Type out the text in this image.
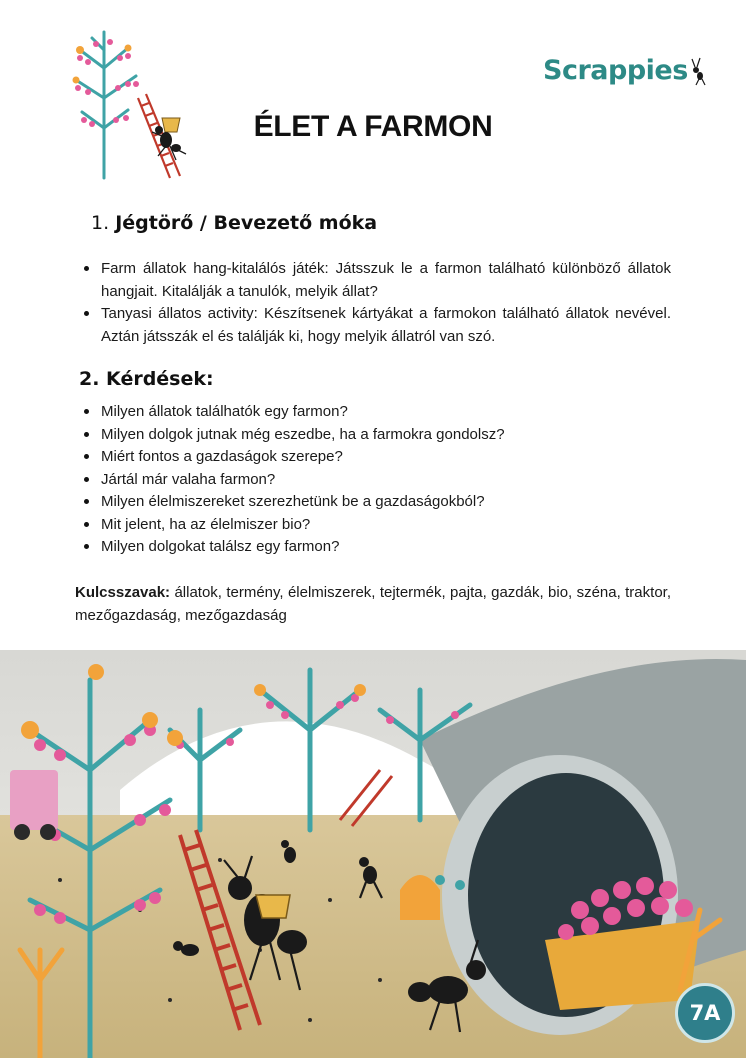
Scrappies
ÉLET A FARMON
1. Jégtörő / Bevezető móka
Farm állatok hang-kitalálós játék: Játsszuk le a farmon található különböző állatok hangjait. Kitalálják a tanulók, melyik állat?
Tanyasi állatos activity: Készítsenek kártyákat a farmokon található állatok nevével. Aztán játsszák el és találják ki, hogy melyik állatról van szó.
2. Kérdések:
Milyen állatok találhatók egy farmon?
Milyen dolgok jutnak még eszedbe, ha a farmokra gondolsz?
Miért fontos a gazdaságok szerepe?
Jártál már valaha farmon?
Milyen élelmiszereket szerezhetünk be a gazdaságokból?
Mit jelent, ha az élelmiszer bio?
Milyen dolgokat találsz egy farmon?
Kulcsszavak: állatok, termény, élelmiszerek, tejtermék, pajta, gazdák, bio, széna, traktor, mezőgazdaság, mezőgazdaság
7A
